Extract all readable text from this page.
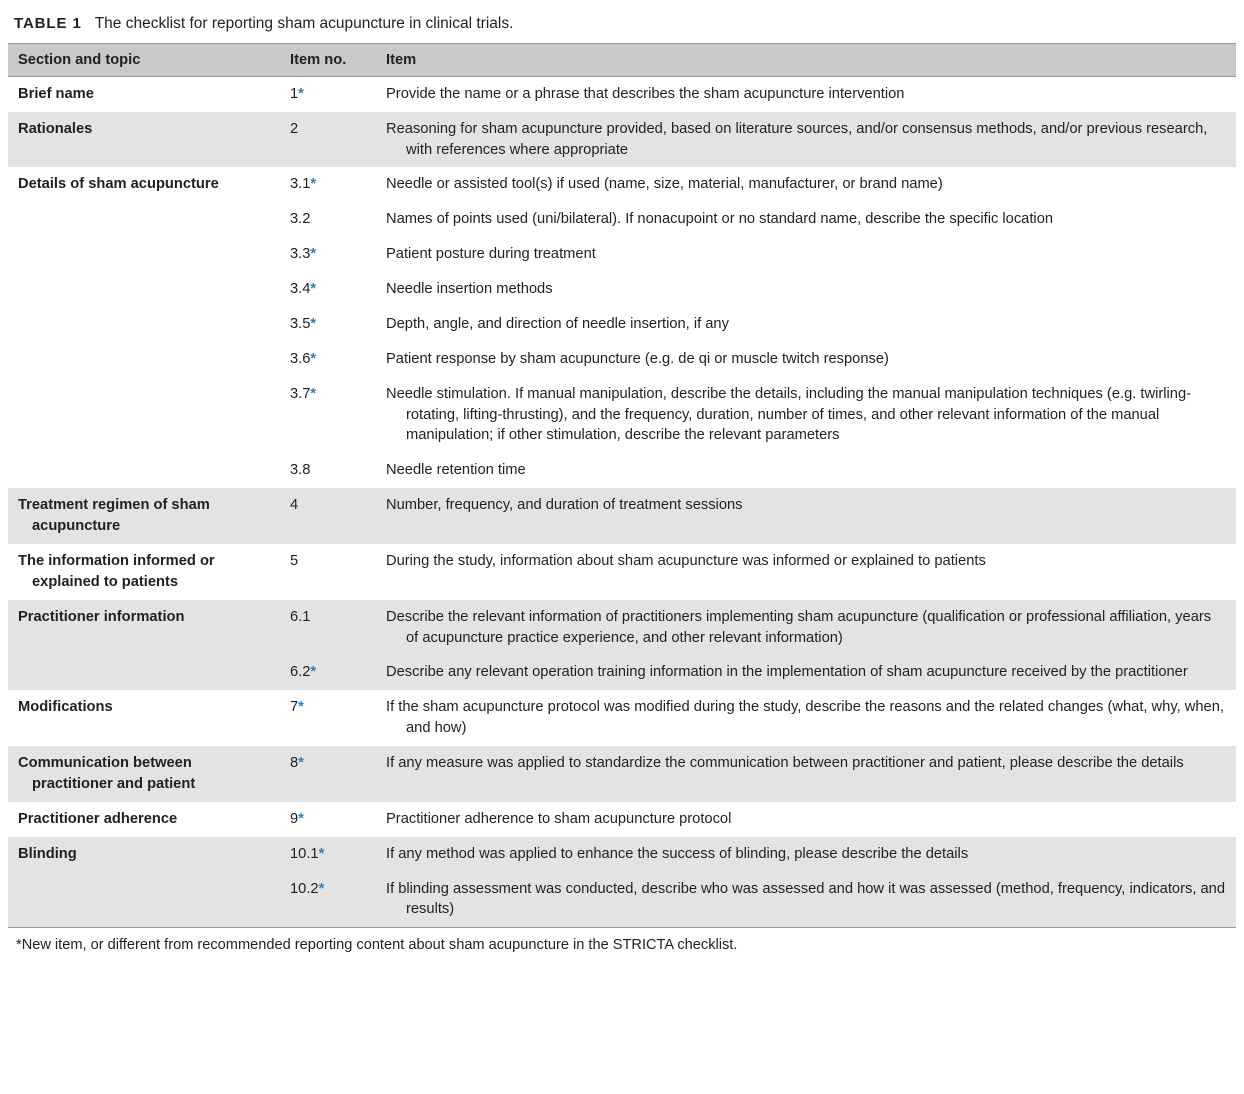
TABLE 1 The checklist for reporting sham acupuncture in clinical trials.
Section and topic	Item no.	Item

Brief name	1*	Provide the name or a phrase that describes the sham acupuncture intervention

Rationales	2	Reasoning for sham acupuncture provided, based on literature sources, and/or consensus methods, and/or previous research, with references where appropriate

Details of sham acupuncture	3.1*	Needle or assisted tool(s) if used (name, size, material, manufacturer, or brand name)

	3.2	Names of points used (uni/bilateral). If nonacupoint or no standard name, describe the specific location

	3.3*	Patient posture during treatment

	3.4*	Needle insertion methods

	3.5*	Depth, angle, and direction of needle insertion, if any

	3.6*	Patient response by sham acupuncture (e.g. de qi or muscle twitch response)

	3.7*	Needle stimulation. If manual manipulation, describe the details, including the manual manipulation techniques (e.g. twirling-rotating, lifting-thrusting), and the frequency, duration, number of times, and other relevant information of the manual manipulation; if other stimulation, describe the relevant parameters

	3.8	Needle retention time

Treatment regimen of sham acupuncture	4	Number, frequency, and duration of treatment sessions

The information informed or explained to patients	5	During the study, information about sham acupuncture was informed or explained to patients

Practitioner information	6.1	Describe the relevant information of practitioners implementing sham acupuncture (qualification or professional affiliation, years of acupuncture practice experience, and other relevant information)

	6.2*	Describe any relevant operation training information in the implementation of sham acupuncture received by the practitioner

Modifications	7*	If the sham acupuncture protocol was modified during the study, describe the reasons and the related changes (what, why, when, and how)

Communication between practitioner and patient	8*	If any measure was applied to standardize the communication between practitioner and patient, please describe the details

Practitioner adherence	9*	Practitioner adherence to sham acupuncture protocol

Blinding	10.1*	If any method was applied to enhance the success of blinding, please describe the details

	10.2*	If blinding assessment was conducted, describe who was assessed and how it was assessed (method, frequency, indicators, and results)
*New item, or different from recommended reporting content about sham acupuncture in the STRICTA checklist.
